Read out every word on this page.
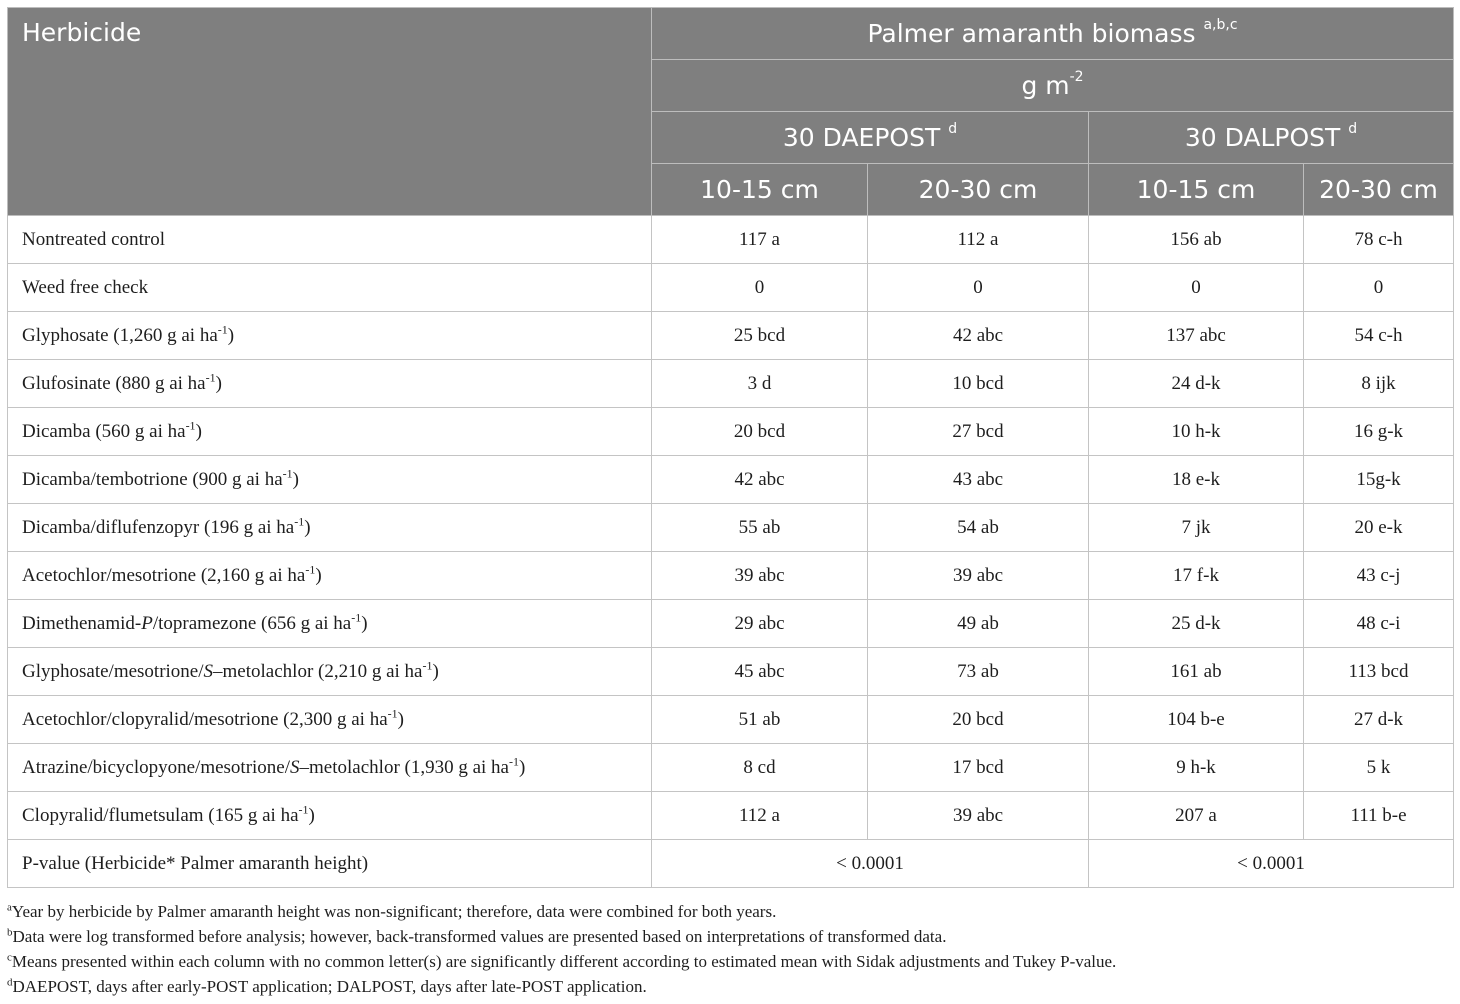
Herbicide	Palmer amaranth biomass $^{a,b,c}$
	g $m^{-2}$
	30 DAEPOST $^d$		30 DALPOST $^d$
	10-15 cm	20-30 cm	10-15 cm	20-30 cm
Nontreated control	117 a	112 a	156 ab	78 c-h
Weed free check	0	0	0	0
Glyphosate (1,260 g ai $ha^{-1}$)	25 bcd	42 abc	137 abc	54 c-h
Glufosinate (880 g ai $ha^{-1}$)	3 d	10 bcd	24 d-k	8 ijk
Dicamba (560 g ai $ha^{-1}$)	20 bcd	27 bcd	10 h-k	16 g-k
Dicamba/tembotrione (900 g ai $ha^{-1}$)	42 abc	43 abc	18 e-k	15g-k
Dicamba/diflufenzopyr (196 g ai $ha^{-1}$)	55 ab	54 ab	7 jk	20 e-k
Acetochlor/mesotrione (2,160 g ai $ha^{-1}$)	39 abc	39 abc	17 f-k	43 c-j
Dimethenamid-P/topramezone (656 g ai $ha^{-1}$)	29 abc	49 ab	25 d-k	48 c-i
Glyphosate/mesotrione/S–metolachlor (2,210 g ai $ha^{-1}$)	45 abc	73 ab	161 ab	113 bcd
Acetochlor/clopyralid/mesotrione (2,300 g ai $ha^{-1}$)	51 ab	20 bcd	104 b-e	27 d-k
Atrazine/bicyclopyone/mesotrione/S–metolachlor (1,930 g ai $ha^{-1}$)	8 cd	17 bcd	9 h-k	5 k
Clopyralid/flumetsulam (165 g ai $ha^{-1}$)	112 a	39 abc	207 a	111 b-e
P-value (Herbicide* Palmer amaranth height)	< 0.0001		< 0.0001	
$^a$Year by herbicide by Palmer amaranth height was non-significant; therefore, data were combined for both years.
$^b$Data were log transformed before analysis; however, back-transformed values are presented based on interpretations of transformed data.
$^c$Means presented within each column with no common letter(s) are significantly different according to estimated mean with Sidak adjustments and Tukey P-value.
$^d$DAEPOST, days after early-POST application; DALPOST, days after late-POST application.
